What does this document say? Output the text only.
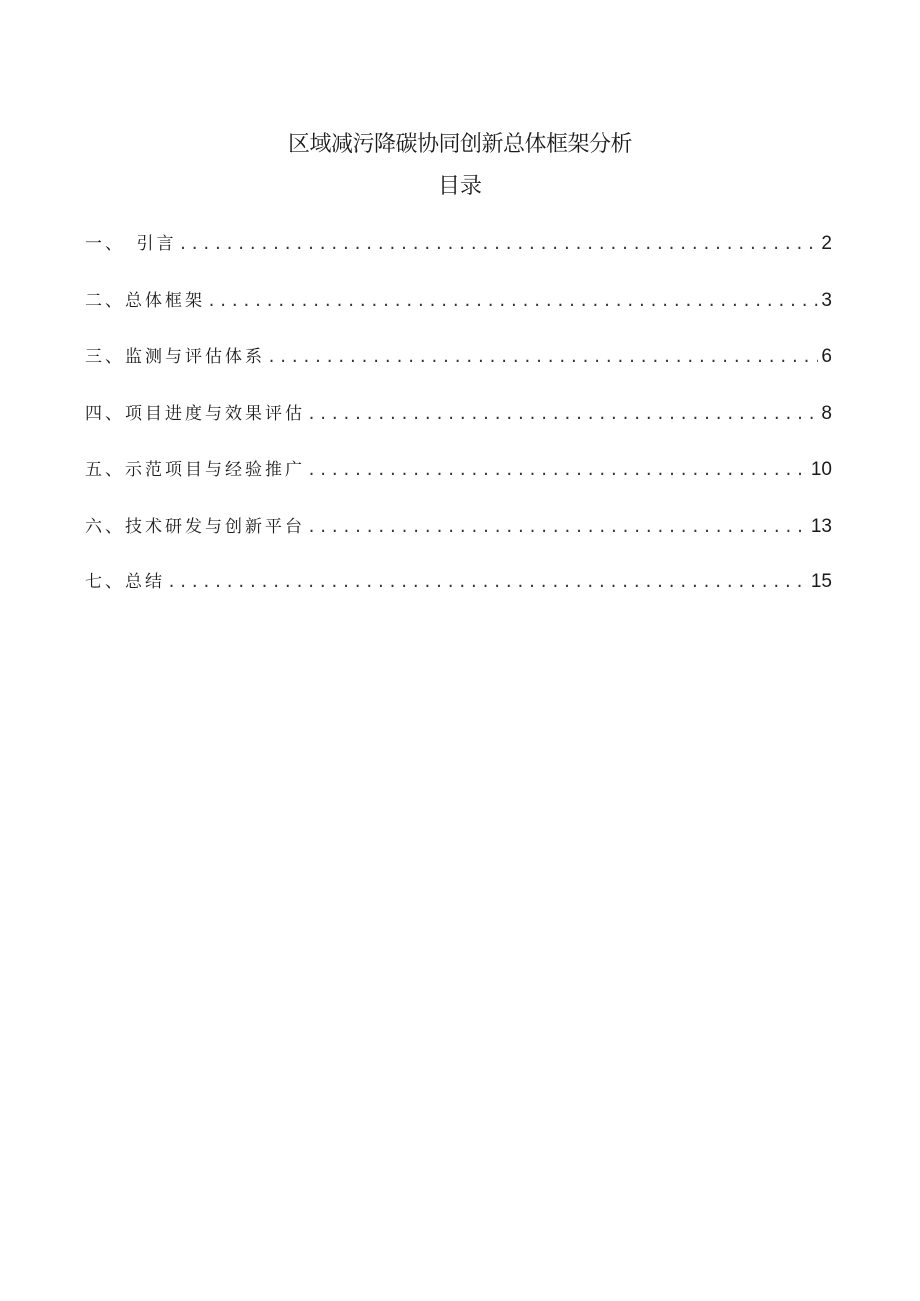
区域减污降碳协同创新总体框架分析
目录
一、　引言 .....	2
二、总体框架 .....	3
三、监测与评估体系 .....	6
四、项目进度与效果评估 .....	8
五、示范项目与经验推广 .....	10
六、技术研发与创新平台 .....	13
七、总结 .....	15
